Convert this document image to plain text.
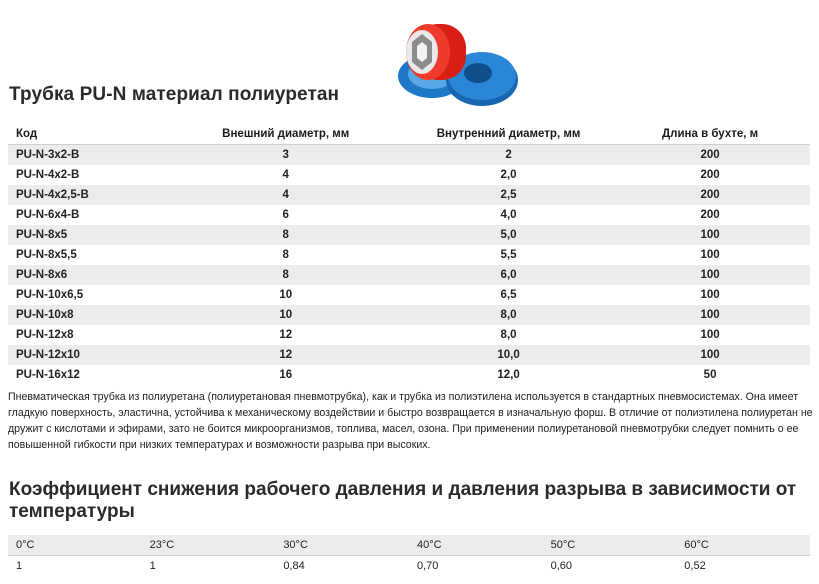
Трубка PU-N материал полиуретан
Код	Внешний диаметр, мм	Внутренний диаметр, мм	Длина в бухте, м
PU-N-3x2-B	3	2	200
PU-N-4x2-B	4	2,0	200
PU-N-4x2,5-B	4	2,5	200
PU-N-6x4-B	6	4,0	200
PU-N-8x5	8	5,0	100
PU-N-8x5,5	8	5,5	100
PU-N-8x6	8	6,0	100
PU-N-10x6,5	10	6,5	100
PU-N-10x8	10	8,0	100
PU-N-12x8	12	8,0	100
PU-N-12x10	12	10,0	100
PU-N-16x12	16	12,0	50

Пневматическая трубка из полиуретана (полиуретановая пневмотрубка), как и трубка из полиэтилена используется в стандартных пневмосистемах. Она имеет гладкую поверхность, эластична, устойчива к механическому воздействии и быстро возвращается в изначальную форш. В отличие от полиэтилена полиуретан не дружит с кислотами и эфирами, зато не боится микроорганизмов, топлива, масел, озона. При применении полиуретановой пневмотрубки следует помнить о ее повышенной гибкости при низких температурах и возможности разрыва при высоких.

Коэффициент снижения рабочего давления и давления разрыва в зависимости от температуры
0°C	23°C	30°C	40°C	50°C	60°C
1	1	0,84	0,70	0,60	0,52
